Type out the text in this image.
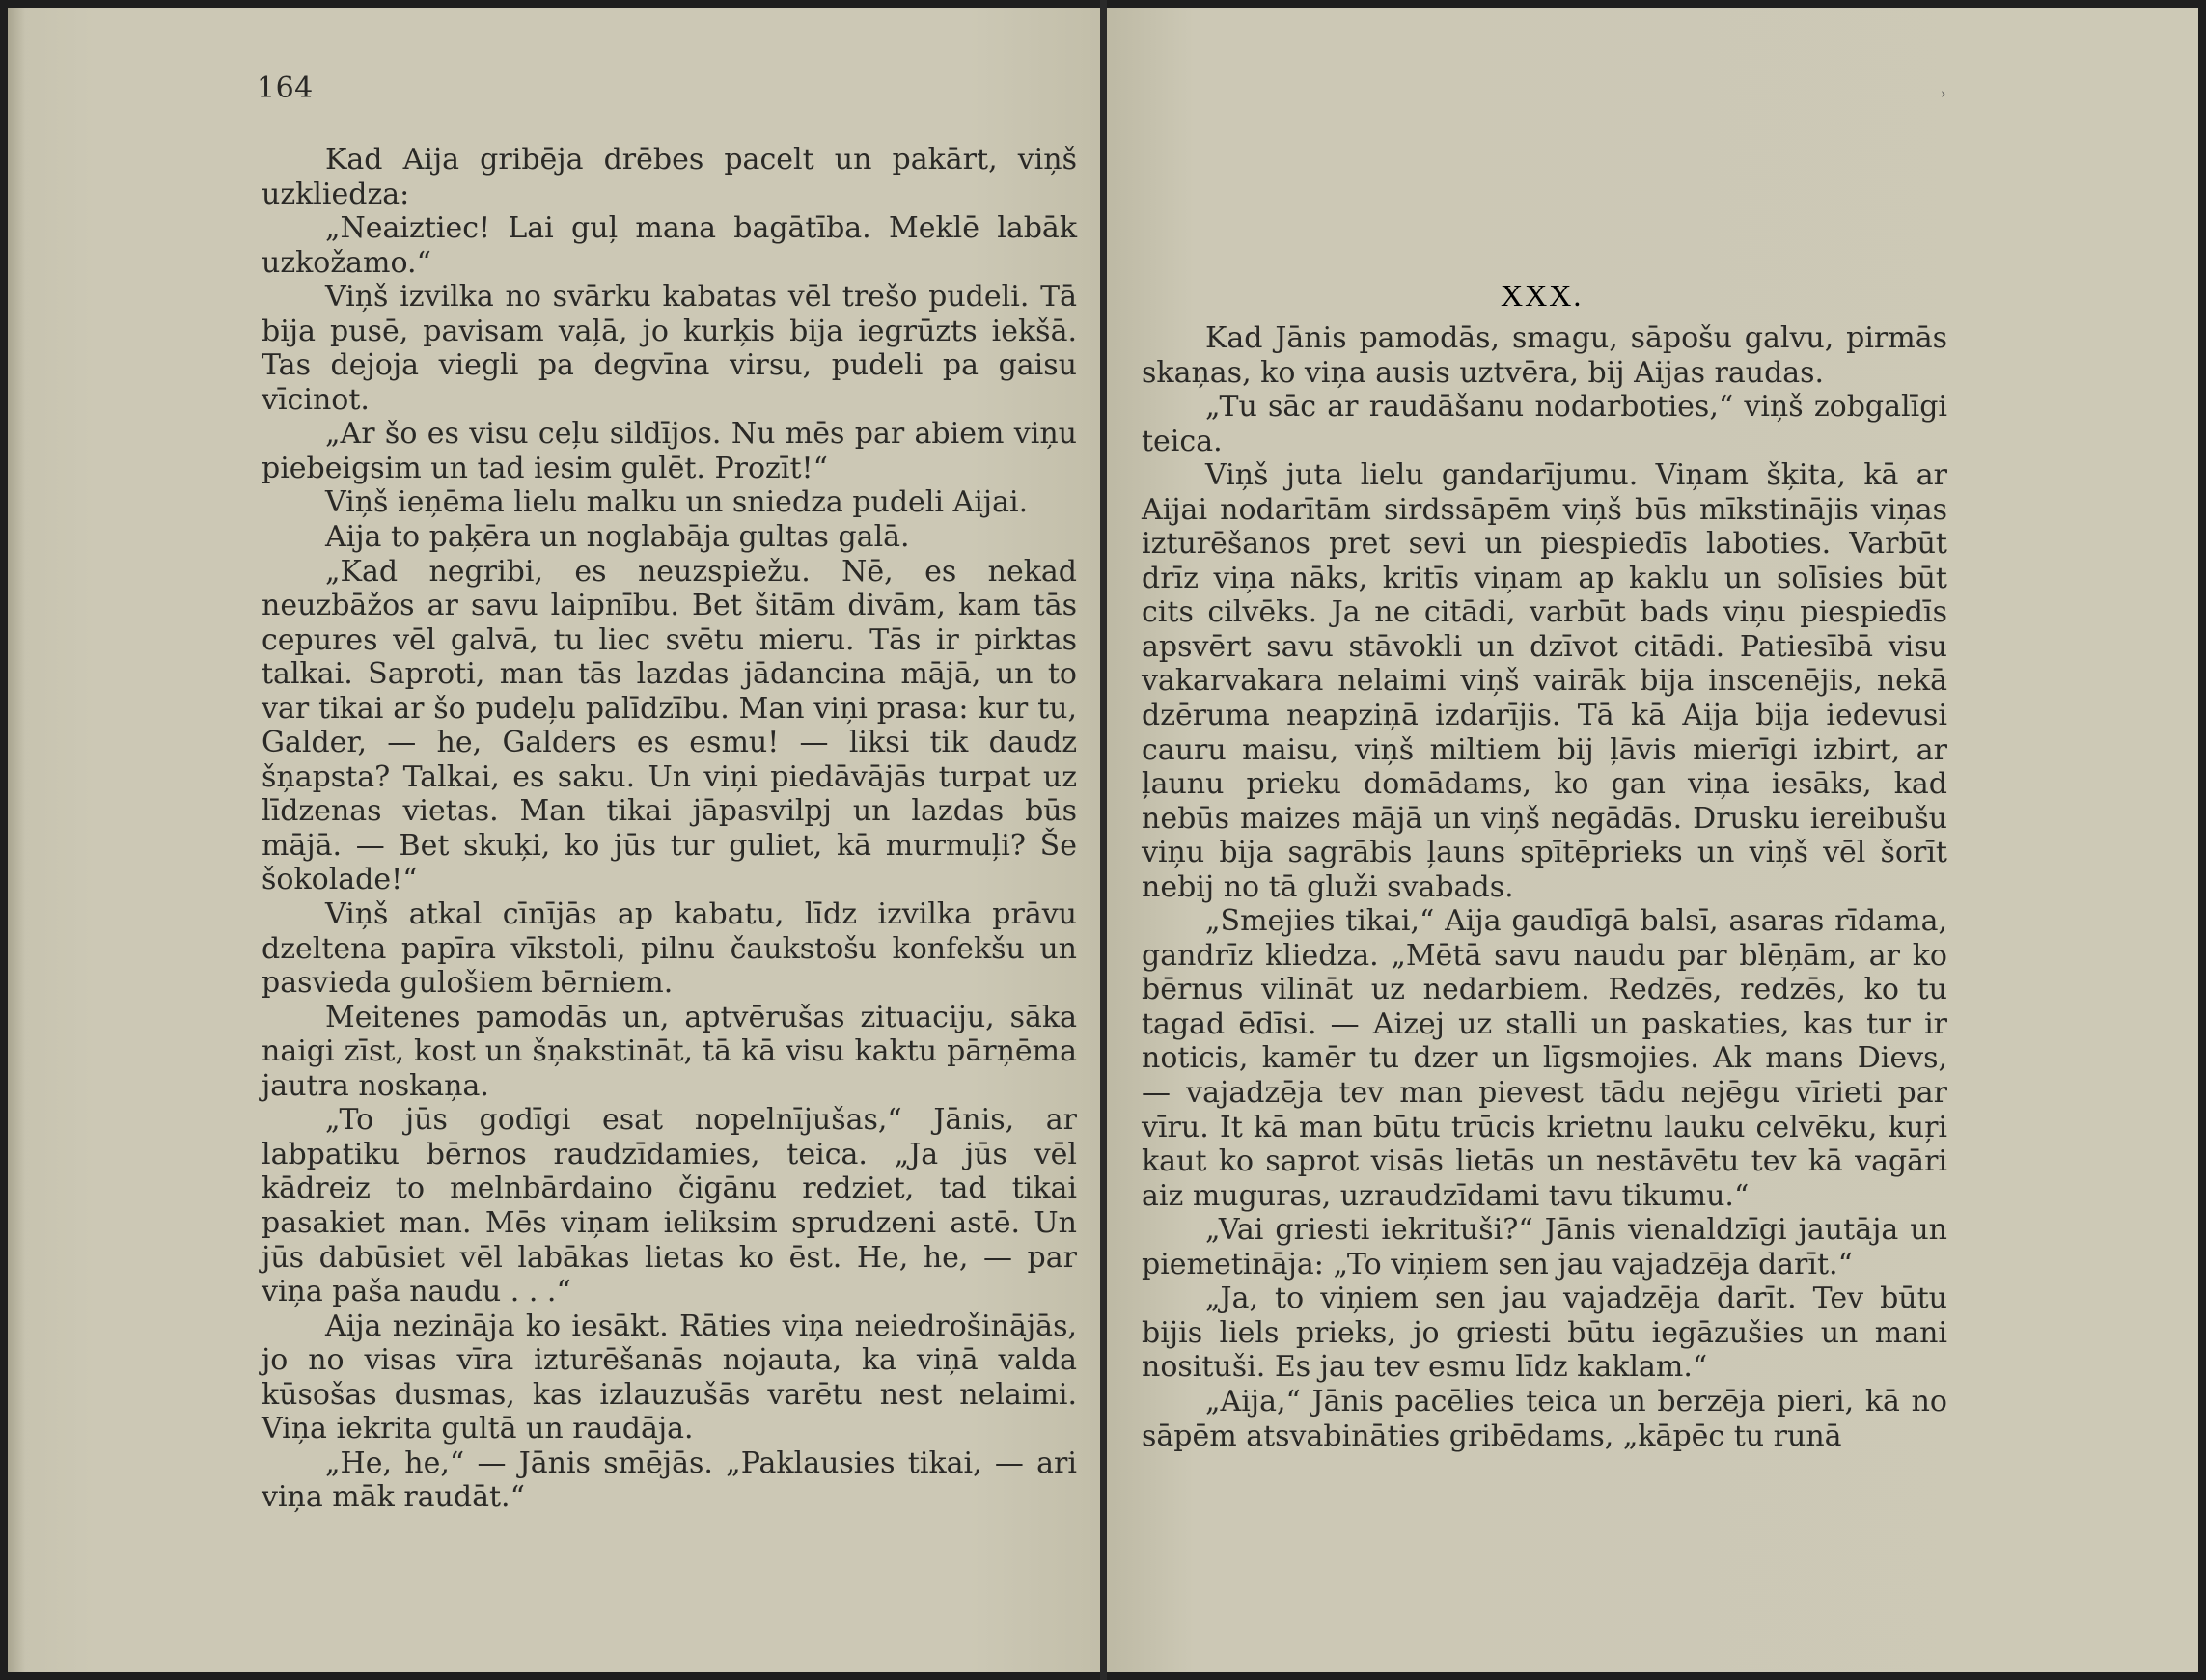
164

Kad Aija gribēja drēbes pacelt un pakārt, viņš uzkliedza:

„Neaiztiec! Lai guļ mana bagātība. Meklē labāk uzkožamo.“

Viņš izvilka no svārku kabatas vēl trešo pudeli. Tā bija pusē, pavisam vaļā, jo kurķis bija iegrūzts iekšā. Tas dejoja viegli pa degvīna virsu, pudeli pa gaisu vīcinot.

„Ar šo es visu ceļu sildījos. Nu mēs par abiem viņu piebeigsim un tad iesim gulēt. Prozīt!“

Viņš ieņēma lielu malku un sniedza pudeli Aijai.

Aija to paķēra un noglabāja gultas galā.

„Kad negribi, es neuzspiežu. Nē, es nekad neuzbāžos ar savu laipnību. Bet šitām divām, kam tās cepures vēl galvā, tu liec svētu mieru. Tās ir pirktas talkai. Saproti, man tās lazdas jādancina mājā, un to var tikai ar šo pudeļu palīdzību. Man viņi prasa: kur tu, Galder, — he, Galders es esmu! — liksi tik daudz šņapsta? Talkai, es saku. Un viņi piedāvājās turpat uz līdzenas vietas. Man tikai jāpasvilpj un lazdas būs mājā. — Bet skuķi, ko jūs tur guliet, kā murmuļi? Še šokolade!“

Viņš atkal cīnījās ap kabatu, līdz izvilka prāvu dzeltena papīra vīkstoli, pilnu čaukstošu konfekšu un pasvieda gulošiem bērniem.

Meitenes pamodās un, aptvērušas zituaciju, sāka naigi zīst, kost un šņakstināt, tā kā visu kaktu pārņēma jautra noskaņa.

„To jūs godīgi esat nopelnījušas,“ Jānis, ar labpatiku bērnos raudzīdamies, teica. „Ja jūs vēl kādreiz to melnbārdaino čigānu redziet, tad tikai pasakiet man. Mēs viņam ieliksim sprudzeni astē. Un jūs dabūsiet vēl labākas lietas ko ēst. He, he, — par viņa paša naudu . . .“

Aija nezināja ko iesākt. Rāties viņa neiedrošinājās, jo no visas vīra izturēšanās nojauta, ka viņā valda kūsošas dusmas, kas izlauzušās varētu nest nelaimi. Viņa iekrita gultā un raudāja.

„He, he,“ — Jānis smējās. „Paklausies tikai, — ari viņa māk raudāt.“

XXX.
›

Kad Jānis pamodās, smagu, sāpošu galvu, pirmās skaņas, ko viņa ausis uztvēra, bij Aijas raudas.

„Tu sāc ar raudāšanu nodarboties,“ viņš zobgalīgi teica.

Viņš juta lielu gandarījumu. Viņam šķita, kā ar Aijai nodarītām sirdssāpēm viņš būs mīkstinājis viņas izturēšanos pret sevi un piespiedīs laboties. Varbūt drīz viņa nāks, kritīs viņam ap kaklu un solīsies būt cits cilvēks. Ja ne citādi, varbūt bads viņu piespiedīs apsvērt savu stāvokli un dzīvot citādi. Patiesībā visu vakarvakara nelaimi viņš vairāk bija inscenējis, nekā dzēruma neapziņā izdarījis. Tā kā Aija bija iedevusi cauru maisu, viņš miltiem bij ļāvis mierīgi izbirt, ar ļaunu prieku domādams, ko gan viņa iesāks, kad nebūs maizes mājā un viņš negādās. Drusku iereibušu viņu bija sagrābis ļauns spītēprieks un viņš vēl šorīt nebij no tā gluži svabads.

„Smejies tikai,“ Aija gaudīgā balsī, asaras rīdama, gandrīz kliedza. „Mētā savu naudu par blēņām, ar ko bērnus vilināt uz nedarbiem. Redzēs, redzēs, ko tu tagad ēdīsi. — Aizej uz stalli un paskaties, kas tur ir noticis, kamēr tu dzer un līgsmojies. Ak mans Dievs, — vajadzēja tev man pievest tādu nejēgu vīrieti par vīru. It kā man būtu trūcis krietnu lauku celvēku, kuŗi kaut ko saprot visās lietās un nestāvētu tev kā vagāri aiz muguras, uzraudzīdami tavu tikumu.“

„Vai griesti iekrituši?“ Jānis vienaldzīgi jautāja un piemetināja: „To viņiem sen jau vajadzēja darīt.“

„Ja, to viņiem sen jau vajadzēja darīt. Tev būtu bijis liels prieks, jo griesti būtu iegāzušies un mani nosituši. Es jau tev esmu līdz kaklam.“

„Aija,“ Jānis pacēlies teica un berzēja pieri, kā no sāpēm atsvabināties gribēdams, „kāpēc tu runā
